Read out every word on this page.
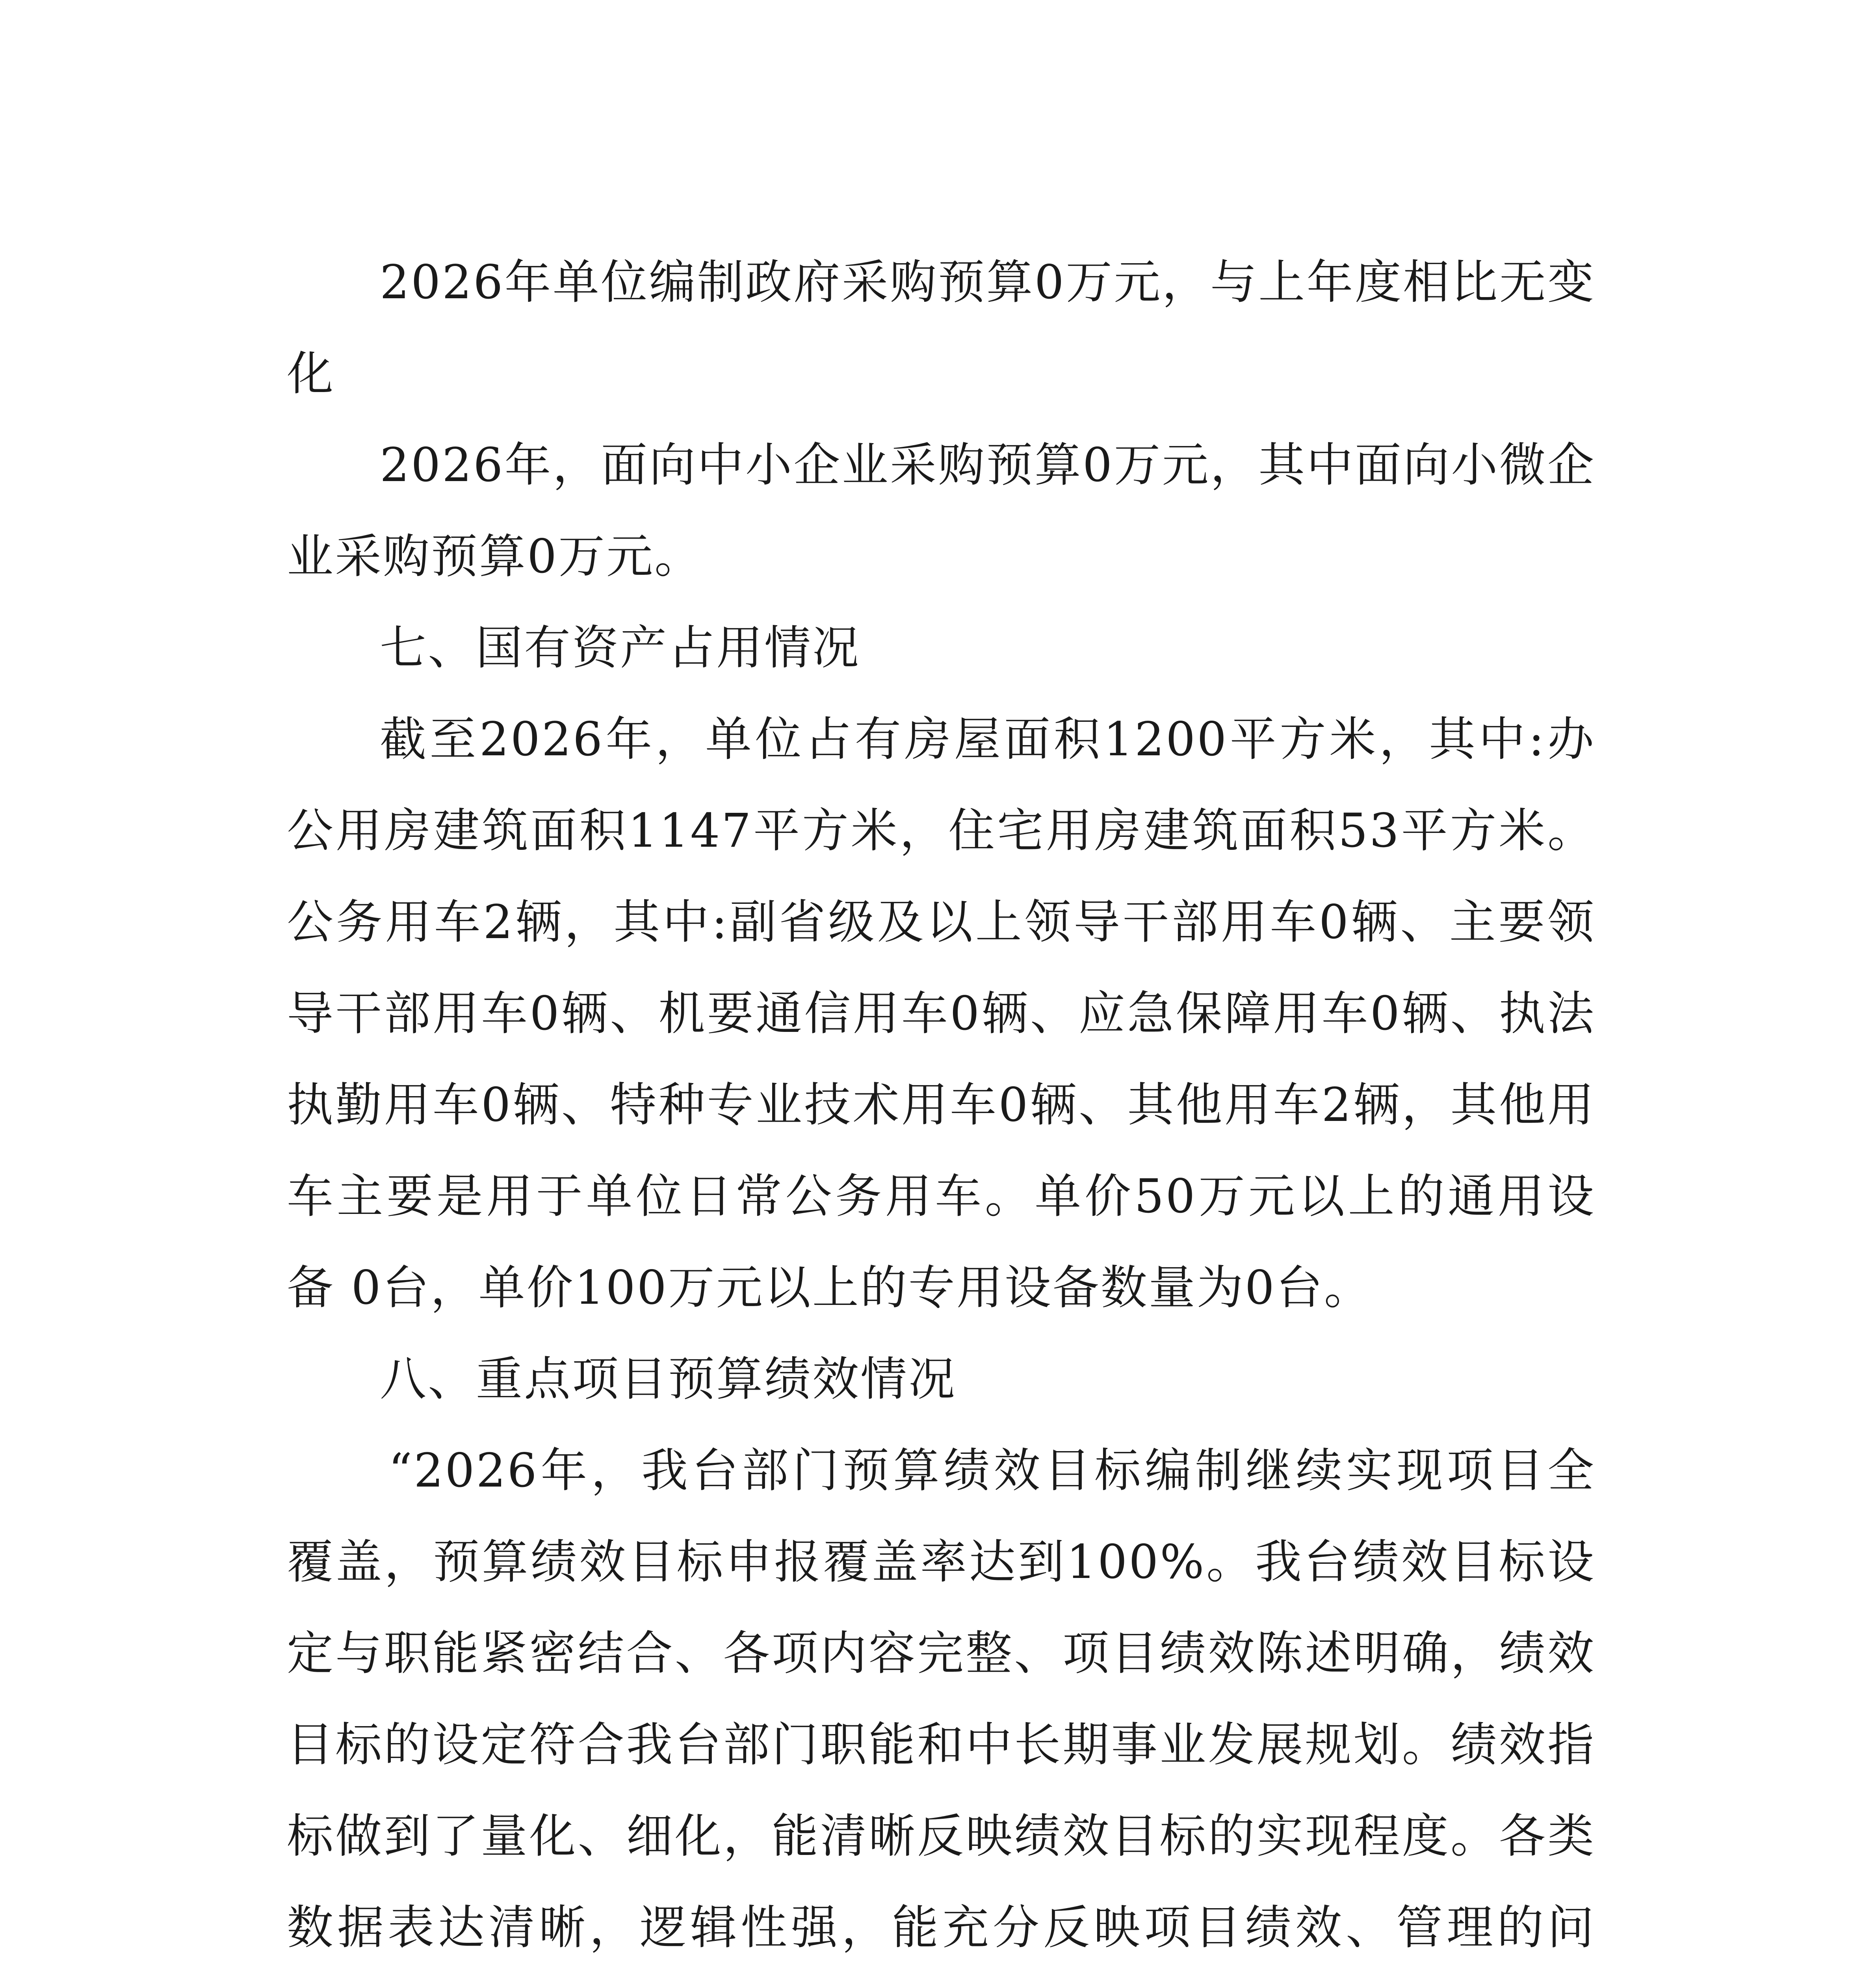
2026年单位编制政府采购预算0万元，与上年度相比无变化

2026年，面向中小企业采购预算0万元，其中面向小微企业采购预算0万元。

七、国有资产占用情况

截至2026年，单位占有房屋面积1200平方米，其中:办公用房建筑面积1147平方米，住宅用房建筑面积53平方米。公务用车2辆，其中:副省级及以上领导干部用车0辆、主要领导干部用车0辆、机要通信用车0辆、应急保障用车0辆、执法执勤用车0辆、特种专业技术用车0辆、其他用车2辆，其他用车主要是用于单位日常公务用车。单价50万元以上的通用设备 0台，单价100万元以上的专用设备数量为0台。

八、重点项目预算绩效情况

“2026年，我台部门预算绩效目标编制继续实现项目全覆盖，预算绩效目标申报覆盖率达到100%。我台绩效目标设定与职能紧密结合、各项内容完整、项目绩效陈述明确，绩效目标的设定符合我台部门职能和中长期事业发展规划。绩效指标做到了量化、细化，能清晰反映绩效目标的实现程度。各类数据表达清晰，逻辑性强，能充分反映项目绩效、管理的问
